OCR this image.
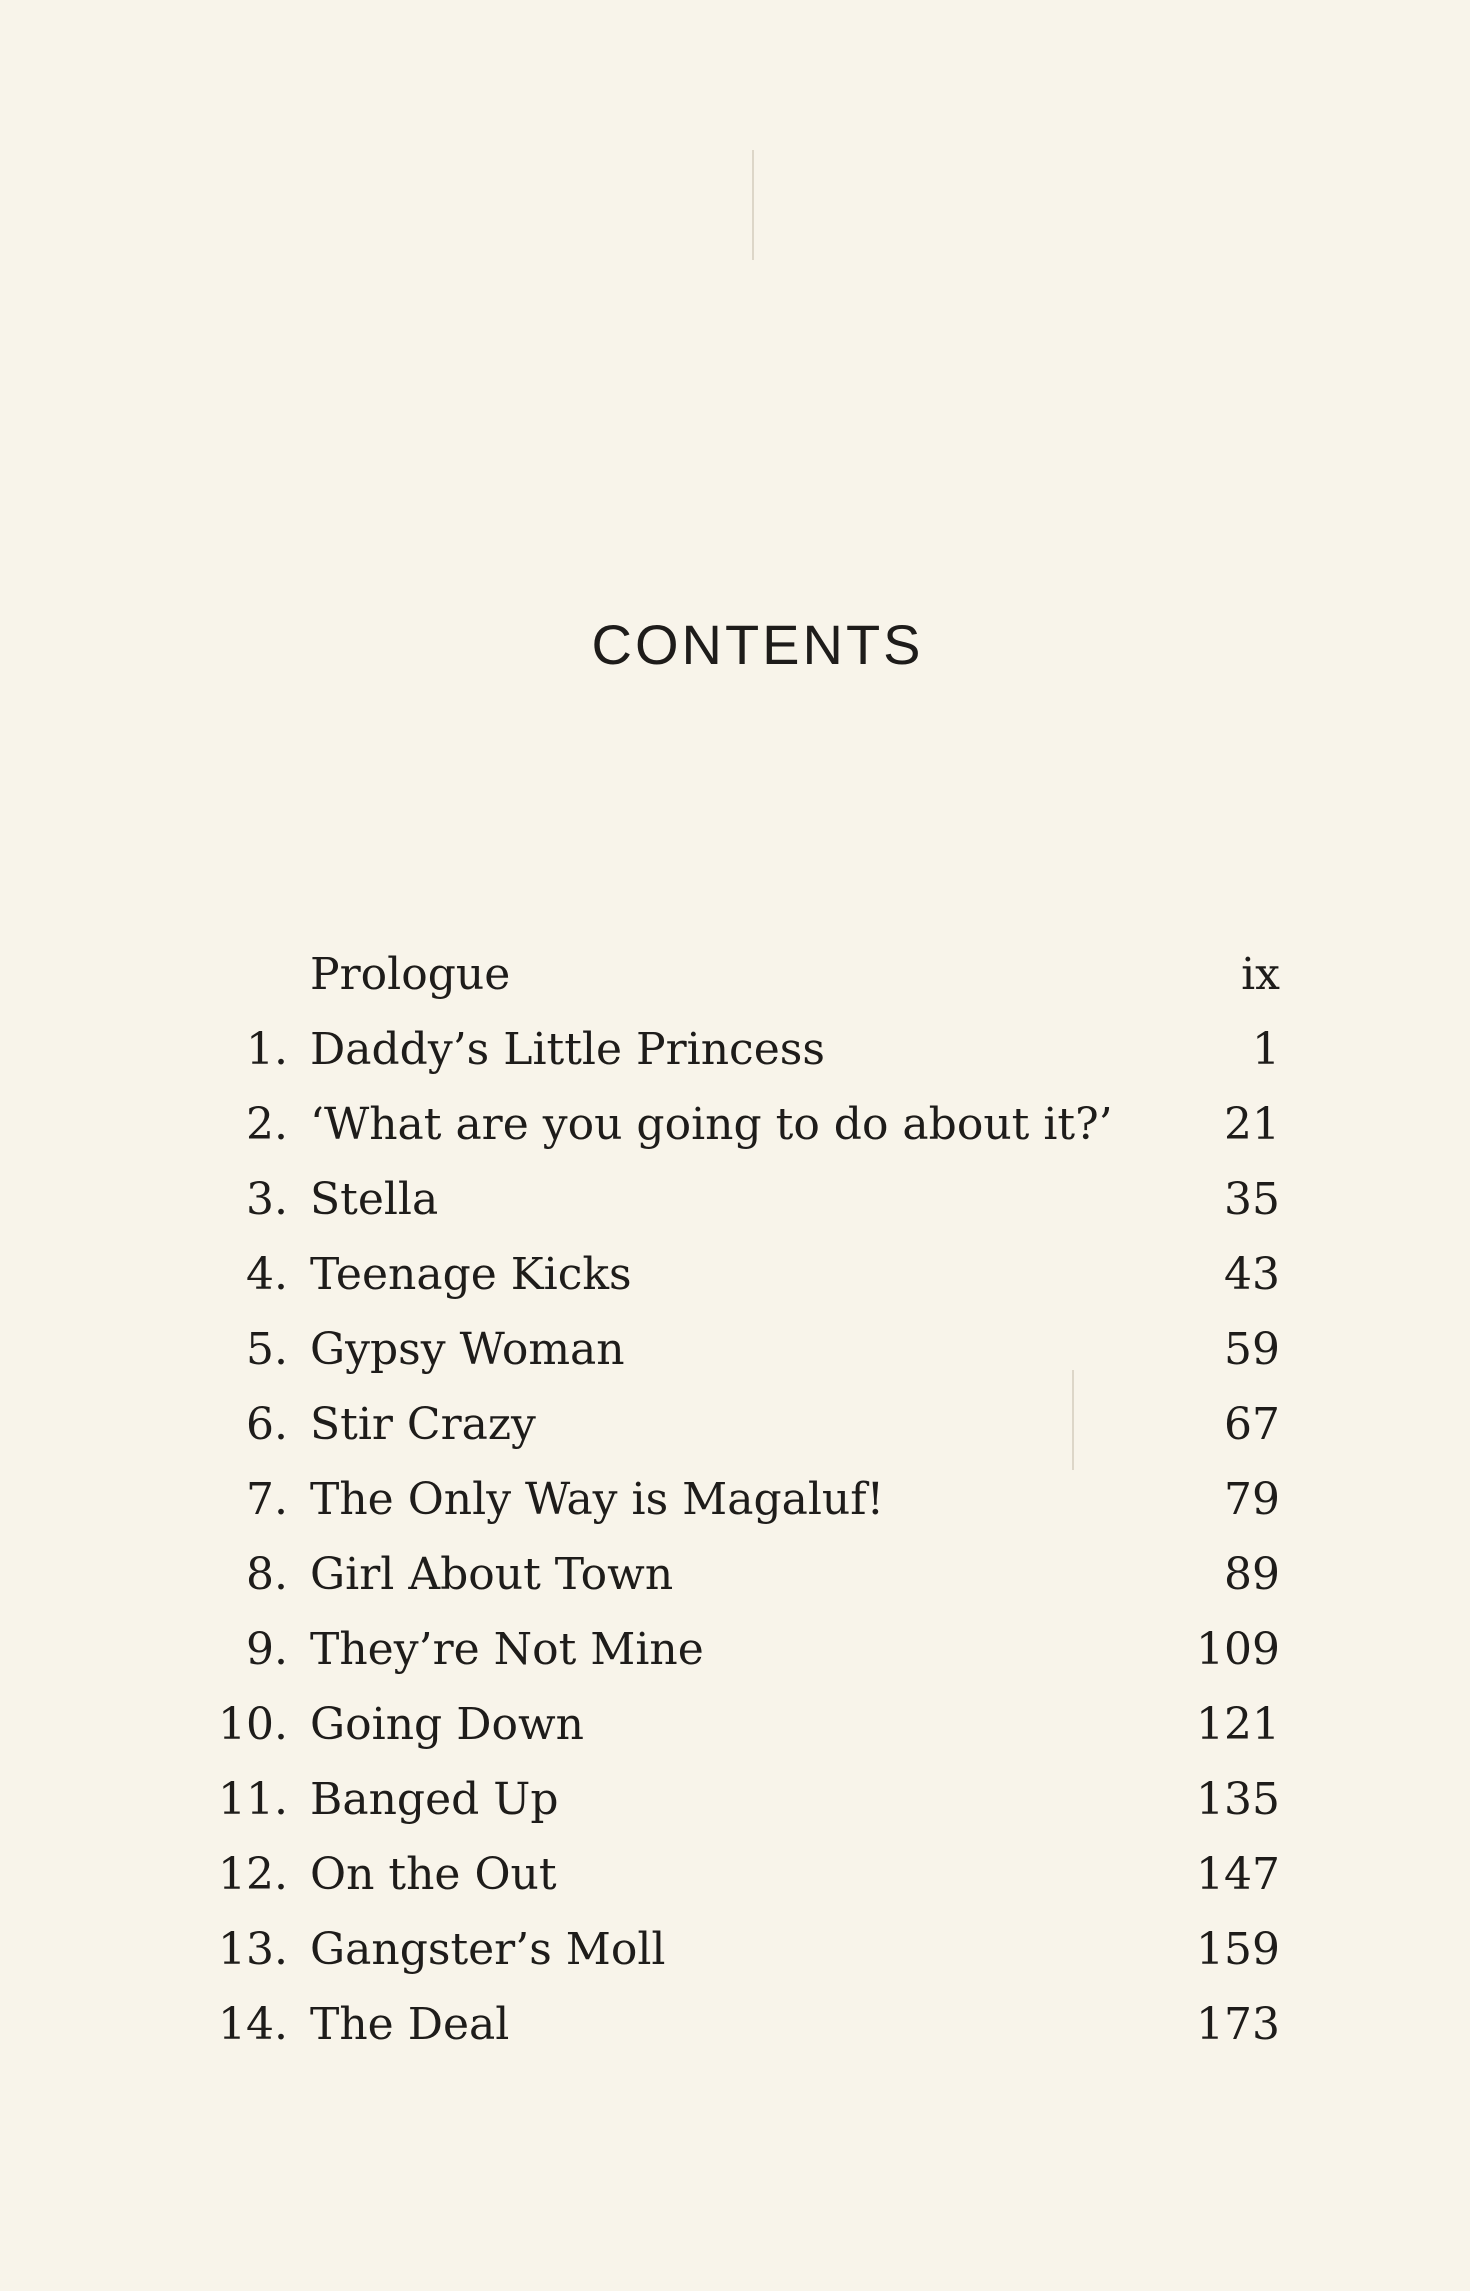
CONTENTS
Prologue	ix
1. Daddy’s Little Princess	1
2. ‘What are you going to do about it?’	21
3. Stella	35
4. Teenage Kicks	43
5. Gypsy Woman	59
6. Stir Crazy	67
7. The Only Way is Magaluf!	79
8. Girl About Town	89
9. They’re Not Mine	109
10. Going Down	121
11. Banged Up	135
12. On the Out	147
13. Gangster’s Moll	159
14. The Deal	173
